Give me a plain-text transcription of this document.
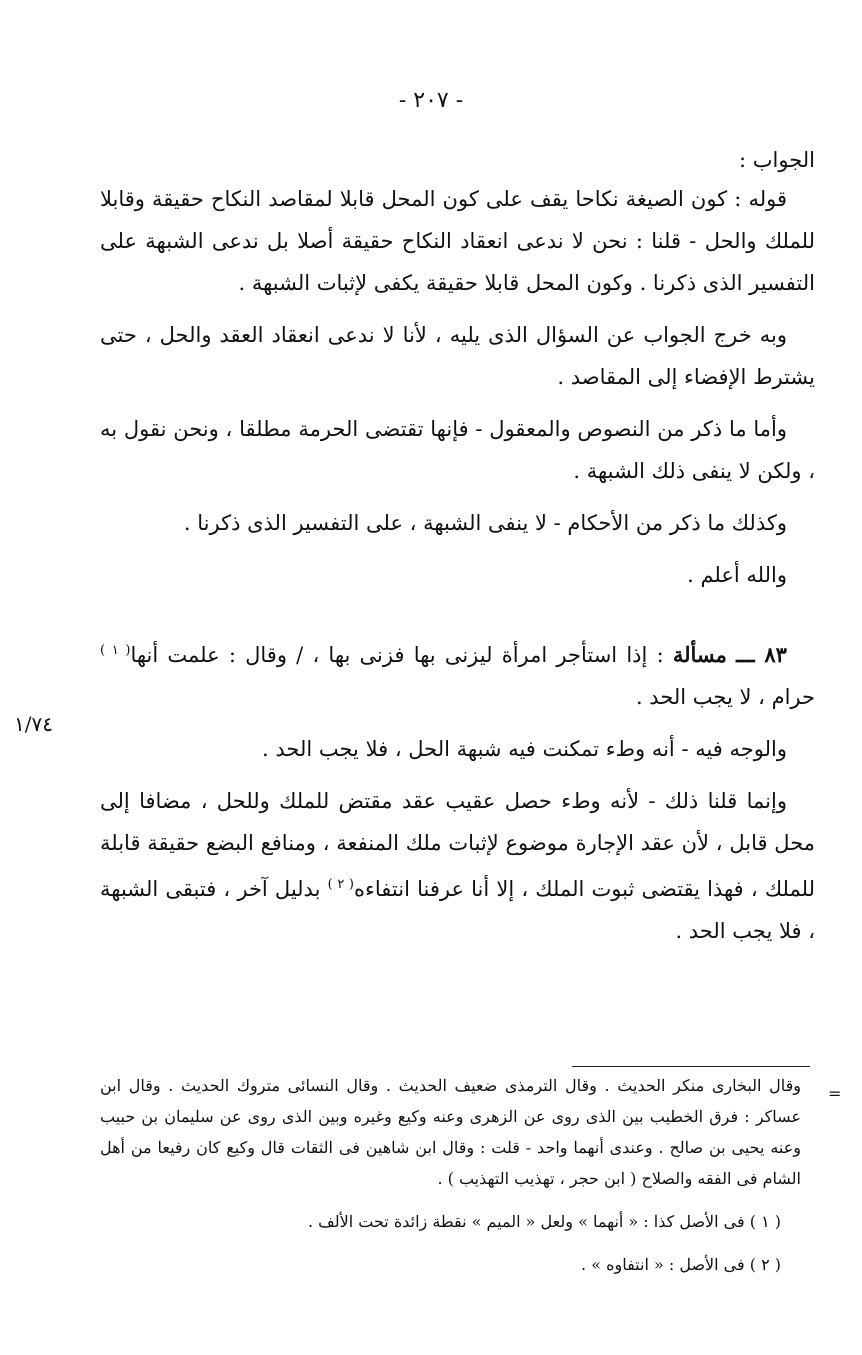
- ٢٠٧ -
١/٧٤

الجواب :

قوله : كون الصيغة نكاحا يقف على كون المحل قابلا لمقاصد النكاح حقيقة وقابلا للملك والحل - قلنا : نحن لا ندعى انعقاد النكاح حقيقة أصلا بل ندعى الشبهة على التفسير الذى ذكرنا . وكون المحل قابلا حقيقة يكفى لإثبات الشبهة .

وبه خرج الجواب عن السؤال الذى يليه ، لأنا لا ندعى انعقاد العقد والحل ، حتى يشترط الإفضاء إلى المقاصد .

وأما ما ذكر من النصوص والمعقول - فإنها تقتضى الحرمة مطلقا ، ونحن نقول به ، ولكن لا ينفى ذلك الشبهة .

وكذلك ما ذكر من الأحكام - لا ينفى الشبهة ، على التفسير الذى ذكرنا .

والله أعلم .

٨٣ ـــ مسألة : إذا استأجر امرأة ليزنى بها فزنى بها ، / وقال : علمت أنها$^{( ١ )}$ حرام ، لا يجب الحد .

والوجه فيه - أنه وطء تمكنت فيه شبهة الحل ، فلا يجب الحد .

وإنما قلنا ذلك - لأنه وطء حصل عقيب عقد مقتض للملك وللحل ، مضافا إلى محل قابل ، لأن عقد الإجارة موضوع لإثبات ملك المنفعة ، ومنافع البضع حقيقة قابلة للملك ، فهذا يقتضى ثبوت الملك ، إلا أنا عرفنا انتفاءه$^{( ٢ )}$ بدليل آخر ، فتبقى الشبهة ، فلا يجب الحد .

=

وقال البخارى منكر الحديث . وقال الترمذى ضعيف الحديث . وقال النسائى متروك الحديث . وقال ابن عساكر : فرق الخطيب بين الذى روى عن الزهرى وعنه وكيع وغيره وبين الذى روى عن سليمان بن حبيب وعنه يحيى بن صالح . وعندى أنهما واحد - قلت : وقال ابن شاهين فى الثقات قال وكيع كان رفيعا من أهل الشام فى الفقه والصلاح ( ابن حجر ، تهذيب التهذيب ) .

( ١ ) فى الأصل كذا : « أنهما » ولعل « الميم » نقطة زائدة تحت الألف .

( ٢ ) فى الأصل : « انتفاوه » .
